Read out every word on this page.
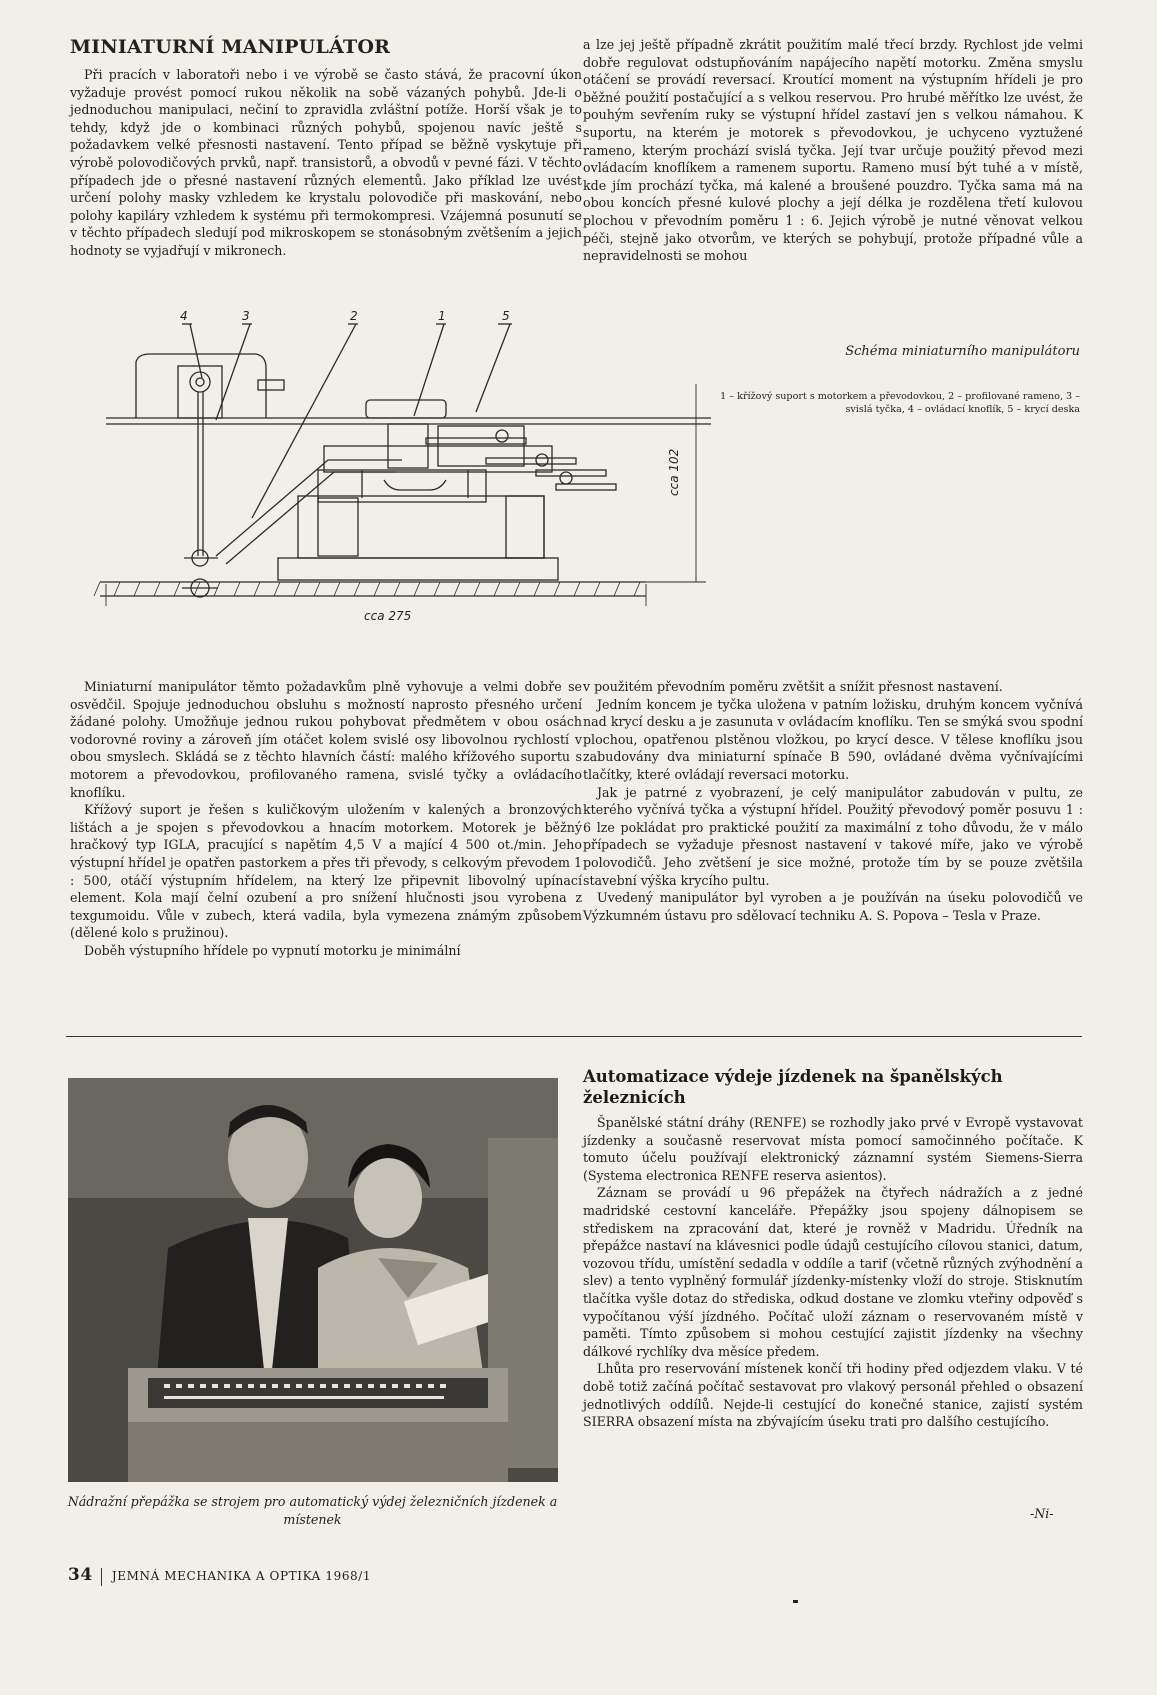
MINIATURNÍ MANIPULÁTOR

Při pracích v laboratoři nebo i ve výrobě se často stává, že pracovní úkon vyžaduje provést pomocí rukou několik na sobě vázaných pohybů. Jde-li o jednoduchou manipulaci, nečiní to zpravidla zvláštní potíže. Horší však je to tehdy, když jde o kombinaci různých pohybů, spojenou navíc ještě s požadavkem velké přesnosti nastavení. Tento případ se běžně vyskytuje při výrobě polovodičových prvků, např. transistorů, a obvodů v pevné fázi. V těchto případech jde o přesné nastavení různých elementů. Jako příklad lze uvést určení polohy masky vzhledem ke krystalu polovodiče při maskování, nebo polohy kapiláry vzhledem k systému při termokompresi. Vzájemná posunutí se v těchto případech sledují pod mikroskopem se stonásobným zvětšením a jejich hodnoty se vyjadřují v mikronech.

a lze jej ještě případně zkrátit použitím malé třecí brzdy. Rychlost jde velmi dobře regulovat odstupňováním napájecího napětí motorku. Změna smyslu otáčení se provádí reversací. Kroutící moment na výstupním hřídeli je pro běžné použití postačující a s velkou reservou. Pro hrubé měřítko lze uvést, že pouhým sevřením ruky se výstupní hřídel zastaví jen s velkou námahou. K suportu, na kterém je motorek s převodovkou, je uchyceno vyztužené rameno, kterým prochází svislá tyčka. Její tvar určuje použitý převod mezi ovládacím knoflíkem a ramenem suportu. Rameno musí být tuhé a v místě, kde jím prochází tyčka, má kalené a broušené pouzdro. Tyčka sama má na obou koncích přesné kulové plochy a její délka je rozdělena třetí kulovou plochou v převodním poměru 1 : 6. Jejich výrobě je nutné věnovat velkou péči, stejně jako otvorům, ve kterých se pohybují, protože případné vůle a nepravidelnosti se mohou

4	3	2	1	5
cca 102
cca 275
Schéma miniaturního manipulátoru
1 – křížový suport s motorkem a převodovkou, 2 – profilované rameno, 3 – svislá tyčka, 4 – ovládací knoflík, 5 – krycí deska

Miniaturní manipulátor těmto požadavkům plně vyhovuje a velmi dobře se osvědčil. Spojuje jednoduchou obsluhu s možností naprosto přesného určení žádané polohy. Umožňuje jednou rukou pohybovat předmětem v obou osách vodorovné roviny a zároveň jím otáčet kolem svislé osy libovolnou rychlostí v obou smyslech. Skládá se z těchto hlavních částí: malého křížového suportu s motorem a převodovkou, profilovaného ramena, svislé tyčky a ovládacího knoflíku.

Křížový suport je řešen s kuličkovým uložením v kalených a bronzových lištách a je spojen s převodovkou a hnacím motorkem. Motorek je běžný hračkový typ IGLA, pracující s napětím 4,5 V a mající 4 500 ot./min. Jeho výstupní hřídel je opatřen pastorkem a přes tři převody, s celkovým převodem 1 : 500, otáčí výstupním hřídelem, na který lze připevnit libovolný upínací element. Kola mají čelní ozubení a pro snížení hlučnosti jsou vyrobena z texgumoidu. Vůle v zubech, která vadila, byla vymezena známým způsobem (dělené kolo s pružinou).

Doběh výstupního hřídele po vypnutí motorku je minimální

v použitém převodním poměru zvětšit a snížit přesnost nastavení.

Jedním koncem je tyčka uložena v patním ložisku, druhým koncem vyčnívá nad krycí desku a je zasunuta v ovládacím knoflíku. Ten se smýká svou spodní plochou, opatřenou plstěnou vložkou, po krycí desce. V tělese knoflíku jsou zabudovány dva miniaturní spínače B 590, ovládané dvěma vyčnívajícími tlačítky, které ovládají reversaci motorku.

Jak je patrné z vyobrazení, je celý manipulátor zabudován v pultu, ze kterého vyčnívá tyčka a výstupní hřídel. Použitý převodový poměr posuvu 1 : 6 lze pokládat pro praktické použití za maximální z toho důvodu, že v málo případech se vyžaduje přesnost nastavení v takové míře, jako ve výrobě polovodičů. Jeho zvětšení je sice možné, protože tím by se pouze zvětšila stavební výška krycího pultu.

Uvedený manipulátor byl vyroben a je používán na úseku polovodičů ve Výzkumném ústavu pro sdělovací techniku A. S. Popova – Tesla v Praze.

Nádražní přepážka se strojem pro automatický výdej železničních jízdenek a místenek
Automatizace výdeje jízdenek na španělských železnicích

Španělské státní dráhy (RENFE) se rozhodly jako prvé v Evropě vystavovat jízdenky a současně reservovat místa pomocí samočinného počítače. K tomuto účelu používají elektronický záznamní systém Siemens-Sierra (Systema electronica RENFE reserva asientos).

Záznam se provádí u 96 přepážek na čtyřech nádražích a z jedné madridské cestovní kanceláře. Přepážky jsou spojeny dálnopisem se střediskem na zpracování dat, které je rovněž v Madridu. Úředník na přepážce nastaví na klávesnici podle údajů cestujícího cílovou stanici, datum, vozovou třídu, umístění sedadla v oddíle a tarif (včetně různých zvýhodnění a slev) a tento vyplněný formulář jízdenky-místenky vloží do stroje. Stisknutím tlačítka vyšle dotaz do střediska, odkud dostane ve zlomku vteřiny odpověď s vypočítanou výší jízdného. Počítač uloží záznam o reservovaném místě v paměti. Tímto způsobem si mohou cestující zajistit jízdenky na všechny dálkové rychlíky dva měsíce předem.

Lhůta pro reservování místenek končí tři hodiny před odjezdem vlaku. V té době totiž začíná počítač sestavovat pro vlakový personál přehled o obsazení jednotlivých oddílů. Nejde-li cestující do konečné stanice, zajistí systém SIERRA obsazení místa na zbývajícím úseku trati pro dalšího cestujícího.

-Ni-
34 JEMNÁ MECHANIKA A OPTIKA 1968/1
